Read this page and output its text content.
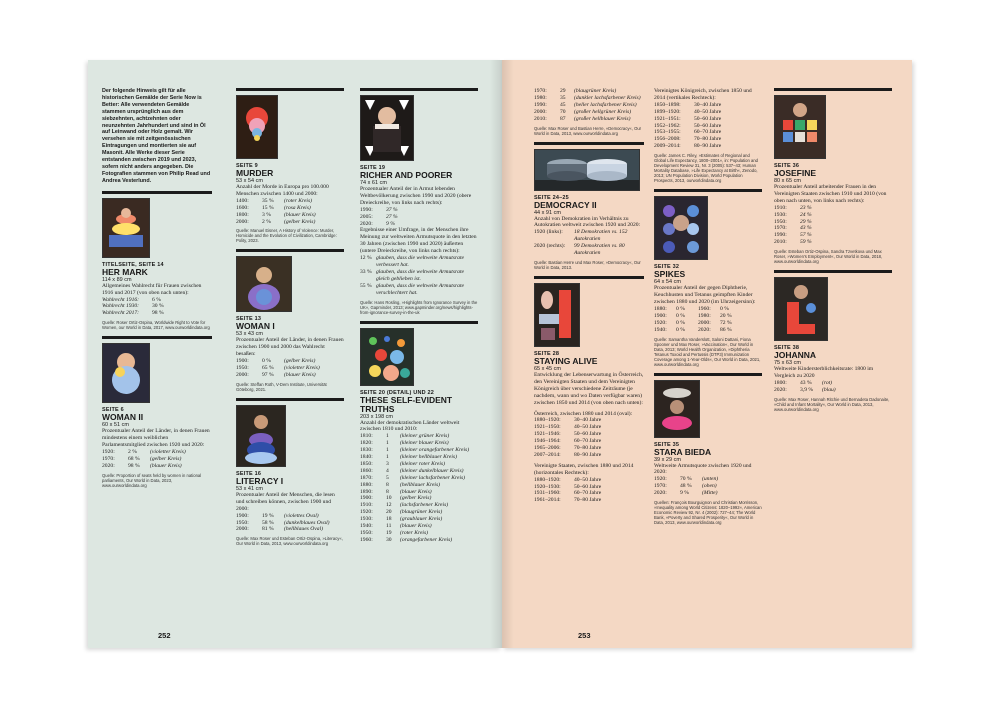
Der folgende Hinweis gilt für alle historischen Gemälde der Serie Now is Better: Alle verwendeten Gemälde stammen ursprünglich aus dem siebzehnten, achtzehnten oder neunzehnten Jahrhundert und sind in Öl auf Leinwand oder Holz gemalt. Wir versehen sie mit zeitgenössischen Eintragungen und montierten sie auf Masonit. Alle Werke dieser Serie entstanden zwischen 2019 und 2023, sofern nicht anders angegeben. Die Fotografien stammen von Philip Read und Andrea Vesterlund.
TITELSEITE, SEITE 14
HER MARK
114 x 89 cm
Allgemeines Wahlrecht für Frauen zwischen 1916 und 2017 (von oben nach unten):
Wahlrecht 1916:	6 %
Wahlrecht 1930:	30 %
Wahlrecht 2017:	98 %
Quelle: Roser Ortiz-Ospina, Worldwide Right to Vote for Women, our World in Data, 2017, www.ourworldindata.org
SEITE 6
WOMAN II
60 x 51 cm
Prozentualer Anteil der Länder, in denen Frauen mindestens einem weiblichen Parlamentsmitglied zwischen 1920 und 2020:
1920:	2 %	(violetter Kreis)
1970:	68 %	(gelber Kreis)
2020:	98 %	(blauer Kreis)
Quelle: Proportion of seats held by women in national parliaments, Our World in Data, 2023, www.ourworldindata.org
SEITE 9
MURDER
53 x 54 cm
Anzahl der Morde in Europa pro 100.000 Menschen zwischen 1400 und 2000:
1400:	35 %	(roter Kreis)
1600:	15 %	(rosa Kreis)
1800:	3 %	(blauer Kreis)
2000:	2 %	(gelber Kreis)
Quelle: Manuel Eisner, A History of Violence: Murder, Homicide and the Evolution of Civilization, Cambridge: Polity, 2023.
SEITE 13
WOMAN I
53 x 43 cm
Prozentualer Anteil der Länder, in denen Frauen zwischen 1900 und 2000 das Wahlrecht besaßen:
1900:	0 %	(gelber Kreis)
1950:	65 %	(violetter Kreis)
2000:	97 %	(blauer Kreis)
Quelle: Steffan Roth, V-Dem Institute, Universität Göteborg, 2021.
SEITE 16
LITERACY I
53 x 41 cm
Prozentualer Anteil der Menschen, die lesen und schreiben können, zwischen 1900 und 2000:
1900:	19 %	(violettes Oval)
1950:	58 %	(dunkelblaues Oval)
2000:	81 %	(hellblaues Oval)
Quelle: Max Roser und Esteban Ortiz-Ospina, »Literacy«, Our World in Data, 2013, www.ourworldindata.org
SEITE 19
RICHER AND POORER
74 x 61 cm
Prozentualer Anteil der in Armut lebenden Weltbevölkerung zwischen 1990 und 2020 (obere Dreieckreihe, von links nach rechts):
1990:	37 %
2005:	27 %
2020:	9 %
Ergebnisse einer Umfrage, in der Menschen ihre Meinung zur weltweiten Armutsquote in den letzten 30 Jahren (zwischen 1990 und 2020) äußerten (untere Dreieckreihe, von links nach rechts):
12 % glauben, dass die weltweite Armutsrate verbessert hat.
33 % glauben, dass die weltweite Armutsrate gleich geblieben ist.
55 % glauben, dass die weltweite Armutsrate verschlechtert hat.
Quelle: Hans Rosling, »Highlights from Ignorance Survey in the UK«, Gapminder, 2013; www.gapminder.org/news/highlights-from-ignorance-survey-in-the-uk
SEITE 20 (DETAIL) UND 22
THESE SELF-EVIDENT TRUTHS
203 x 198 cm
Anzahl der demokratischen Länder weltweit zwischen 1810 und 2010:
1810:	1	(kleiner grüner Kreis)
1820:	1	(kleiner blauer Kreis)
1830:	1	(kleiner orangefarbener Kreis)
1840:	1	(kleiner hellblauer Kreis)
1850:	3	(kleiner roter Kreis)
1860:	4	(kleiner dunkelblauer Kreis)
1870:	5	(kleiner lachsfarbener Kreis)
1880:	8	(hellblauer Kreis)
1890:	8	(blauer Kreis)
1900:	10	(gelber Kreis)
1910:	12	(lachsfarbener Kreis)
1920:	20	(blaugrüner Kreis)
1930:	18	(graublauer Kreis)
1940:	11	(blauer Kreis)
1950:	19	(roter Kreis)
1960:	30	(orangefarbener Kreis)
252
1970:	29	(blaugrüner Kreis)
1980:	35	(dunkler lachsfarbener Kreis)
1990:	45	(heller lachsfarbener Kreis)
2000:	70	(großer hellgrüner Kreis)
2010:	87	(großer hellblauer Kreis)
Quelle: Max Roser und Bastian Herre, »Democracy«, Our World in Data, 2013, www.ourworldindata.org
SEITE 24–25
DEMOCRACY II
44 x 91 cm
Anzahl von Demokratien im Verhältnis zu Autokratien weltweit zwischen 1920 und 2020:
1920 (links):	18 Demokratien vs. 152 Autokratien
2020 (rechts):	99 Demokratien vs. 80 Autokratien
Quelle: Bastian Herre und Max Roser, »Democracy«, Our World in Data, 2013.
SEITE 28
STAYING ALIVE
65 x 45 cm
Entwicklung der Lebenserwartung in Österreich, den Vereinigten Staaten und dem Vereinigten Königreich über verschiedene Zeiträume (je nachdem, wann und wo Daten verfügbar waren) zwischen 1850 und 2014 (von oben nach unten):
Österreich, zwischen 1880 und 2014 (oval):
1880–1920:	30–40 Jahre
1921–1950:	40–50 Jahre
1921–1946:	50–60 Jahre
1946–1964:	60–70 Jahre
1965–2006:	70–80 Jahre
2007–2014:	80–90 Jahre
Vereinigte Staaten, zwischen 1880 und 2014 (horizontales Rechteck):
1880–1920:	40–50 Jahre
1920–1930:	50–60 Jahre
1931–1960:	60–70 Jahre
1961–2014:	70–80 Jahre
Vereinigtes Königreich, zwischen 1850 und 2014 (vertikales Rechteck):
1850–1898:	30–40 Jahre
1899–1920:	40–50 Jahre
1921–1951:	50–60 Jahre
1952–1962:	50–60 Jahre
1953–1955:	60–70 Jahre
1956–2008:	70–80 Jahre
2009–2014:	80–90 Jahre
Quelle: James C. Riley, »Estimates of Regional and Global Life Expectancy, 1800–2001«, in: Population and Development Review 31, Nr. 3 (2005): 537–43; Human Mortality Database, »Life Expectancy at Birth«, Zenodo, 2013; UN Population Division, World Population Prospects, 2013, ourworldindata.org
SEITE 32
SPIKES
64 x 54 cm
Prozentualer Anteil der gegen Diphtherie, Keuchhusten und Tetanus geimpften Kinder zwischen 1880 und 2020 (im Uhrzeigersinn):
1880:	0 %	1960:	0 %
1900:	0 %	1980:	20 %
1920:	0 %	2000:	72 %
1940:	0 %	2020:	86 %
Quelle: Samantha Vanderslott, Saloni Dattani, Fiona Spooner und Max Roser, »Vaccination«, Our World in Data, 2013; World Health Organization, »Diphtheria Tetanus Toxoid and Pertussis (DTP3) Immunization Coverage among 1-Year-Olds«, Our World in Data, 2021, www.ourworldindata.org
SEITE 35
STARA BIEDA
39 x 29 cm
Weltweite Armutsquote zwischen 1920 und 2020:
1920:	70 %	(unten)
1970:	48 %	(oben)
2020:	9 %	(Mitte)
Quellen: François Bourguignon und Christian Morrisson, »Inequality among World Citizens: 1820–1992«, American Economic Review 92, Nr. 4 (2002): 727–44; The World Bank, »Poverty and Shared Prosperity«, Our World in Data, 2013, www.ourworldindata.org
SEITE 36
JOSEFINE
80 x 65 cm
Prozentualer Anteil arbeitender Frauen in den Vereinigten Staaten zwischen 1910 und 2010 (von oben nach unten, von links nach rechts):
1910:	23 %
1930:	24 %
1950:	29 %
1970:	43 %
1990:	57 %
2010:	59 %
Quelle: Esteban Ortiz-Ospina, Sandra Tzvetkova und Max Roser, »Women's Employment«, Our World in Data, 2018, www.ourworldindata.org
SEITE 38
JOHANNA
75 x 63 cm
Weltweite Kindersterblichkeitsrate: 1800 im Vergleich zu 2020
1800:	43 %	(rot)
2020:	3,9 %	(blau)
Quelle: Max Roser, Hannah Ritchie und Bernadeta Dadonaite, »Child and Infant Mortality«, Our World in Data, 2013, www.ourworldindata.org
253
